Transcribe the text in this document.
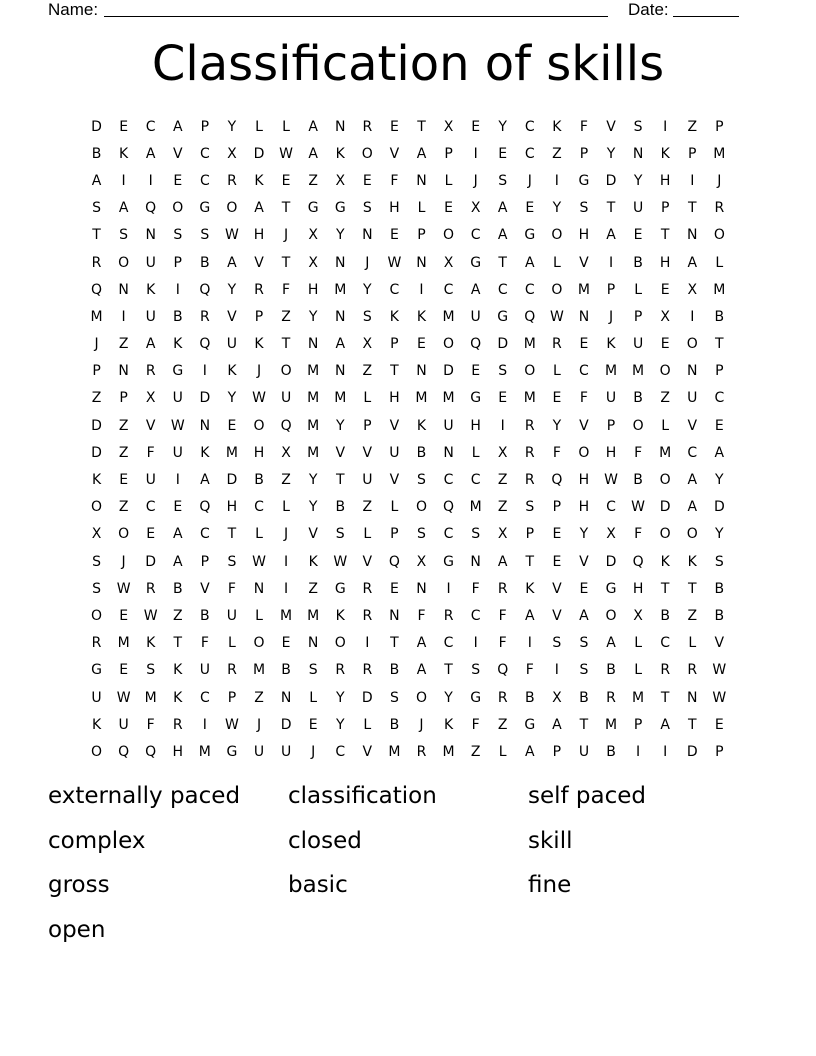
Name:	Date:
Classification of skills
D	E	C	A	P	Y	L	L	A	N	R	E	T	X	E	Y	C	K	F	V	S	I	Z	P
B	K	A	V	C	X	D	W	A	K	O	V	A	P	I	E	C	Z	P	Y	N	K	P	M
A	I	I	E	C	R	K	E	Z	X	E	F	N	L	J	S	J	I	G	D	Y	H	I	J
S	A	Q	O	G	O	A	T	G	G	S	H	L	E	X	A	E	Y	S	T	U	P	T	R
T	S	N	S	S	W	H	J	X	Y	N	E	P	O	C	A	G	O	H	A	E	T	N	O
R	O	U	P	B	A	V	T	X	N	J	W	N	X	G	T	A	L	V	I	B	H	A	L
Q	N	K	I	Q	Y	R	F	H	M	Y	C	I	C	A	C	C	O	M	P	L	E	X	M
M	I	U	B	R	V	P	Z	Y	N	S	K	K	M	U	G	Q	W	N	J	P	X	I	B
J	Z	A	K	Q	U	K	T	N	A	X	P	E	O	Q	D	M	R	E	K	U	E	O	T
P	N	R	G	I	K	J	O	M	N	Z	T	N	D	E	S	O	L	C	M	M	O	N	P
Z	P	X	U	D	Y	W	U	M	M	L	H	M	M	G	E	M	E	F	U	B	Z	U	C
D	Z	V	W	N	E	O	Q	M	Y	P	V	K	U	H	I	R	Y	V	P	O	L	V	E
D	Z	F	U	K	M	H	X	M	V	V	U	B	N	L	X	R	F	O	H	F	M	C	A
K	E	U	I	A	D	B	Z	Y	T	U	V	S	C	C	Z	R	Q	H	W	B	O	A	Y
O	Z	C	E	Q	H	C	L	Y	B	Z	L	O	Q	M	Z	S	P	H	C	W	D	A	D
X	O	E	A	C	T	L	J	V	S	L	P	S	C	S	X	P	E	Y	X	F	O	O	Y
S	J	D	A	P	S	W	I	K	W	V	Q	X	G	N	A	T	E	V	D	Q	K	K	S
S	W	R	B	V	F	N	I	Z	G	R	E	N	I	F	R	K	V	E	G	H	T	T	B
O	E	W	Z	B	U	L	M	M	K	R	N	F	R	C	F	A	V	A	O	X	B	Z	B
R	M	K	T	F	L	O	E	N	O	I	T	A	C	I	F	I	S	S	A	L	C	L	V
G	E	S	K	U	R	M	B	S	R	R	B	A	T	S	Q	F	I	S	B	L	R	R	W
U	W	M	K	C	P	Z	N	L	Y	D	S	O	Y	G	R	B	X	B	R	M	T	N	W
K	U	F	R	I	W	J	D	E	Y	L	B	J	K	F	Z	G	A	T	M	P	A	T	E
O	Q	Q	H	M	G	U	U	J	C	V	M	R	M	Z	L	A	P	U	B	I	I	D	P
externally paced	classification	self paced
complex	closed	skill
gross	basic	fine
open
